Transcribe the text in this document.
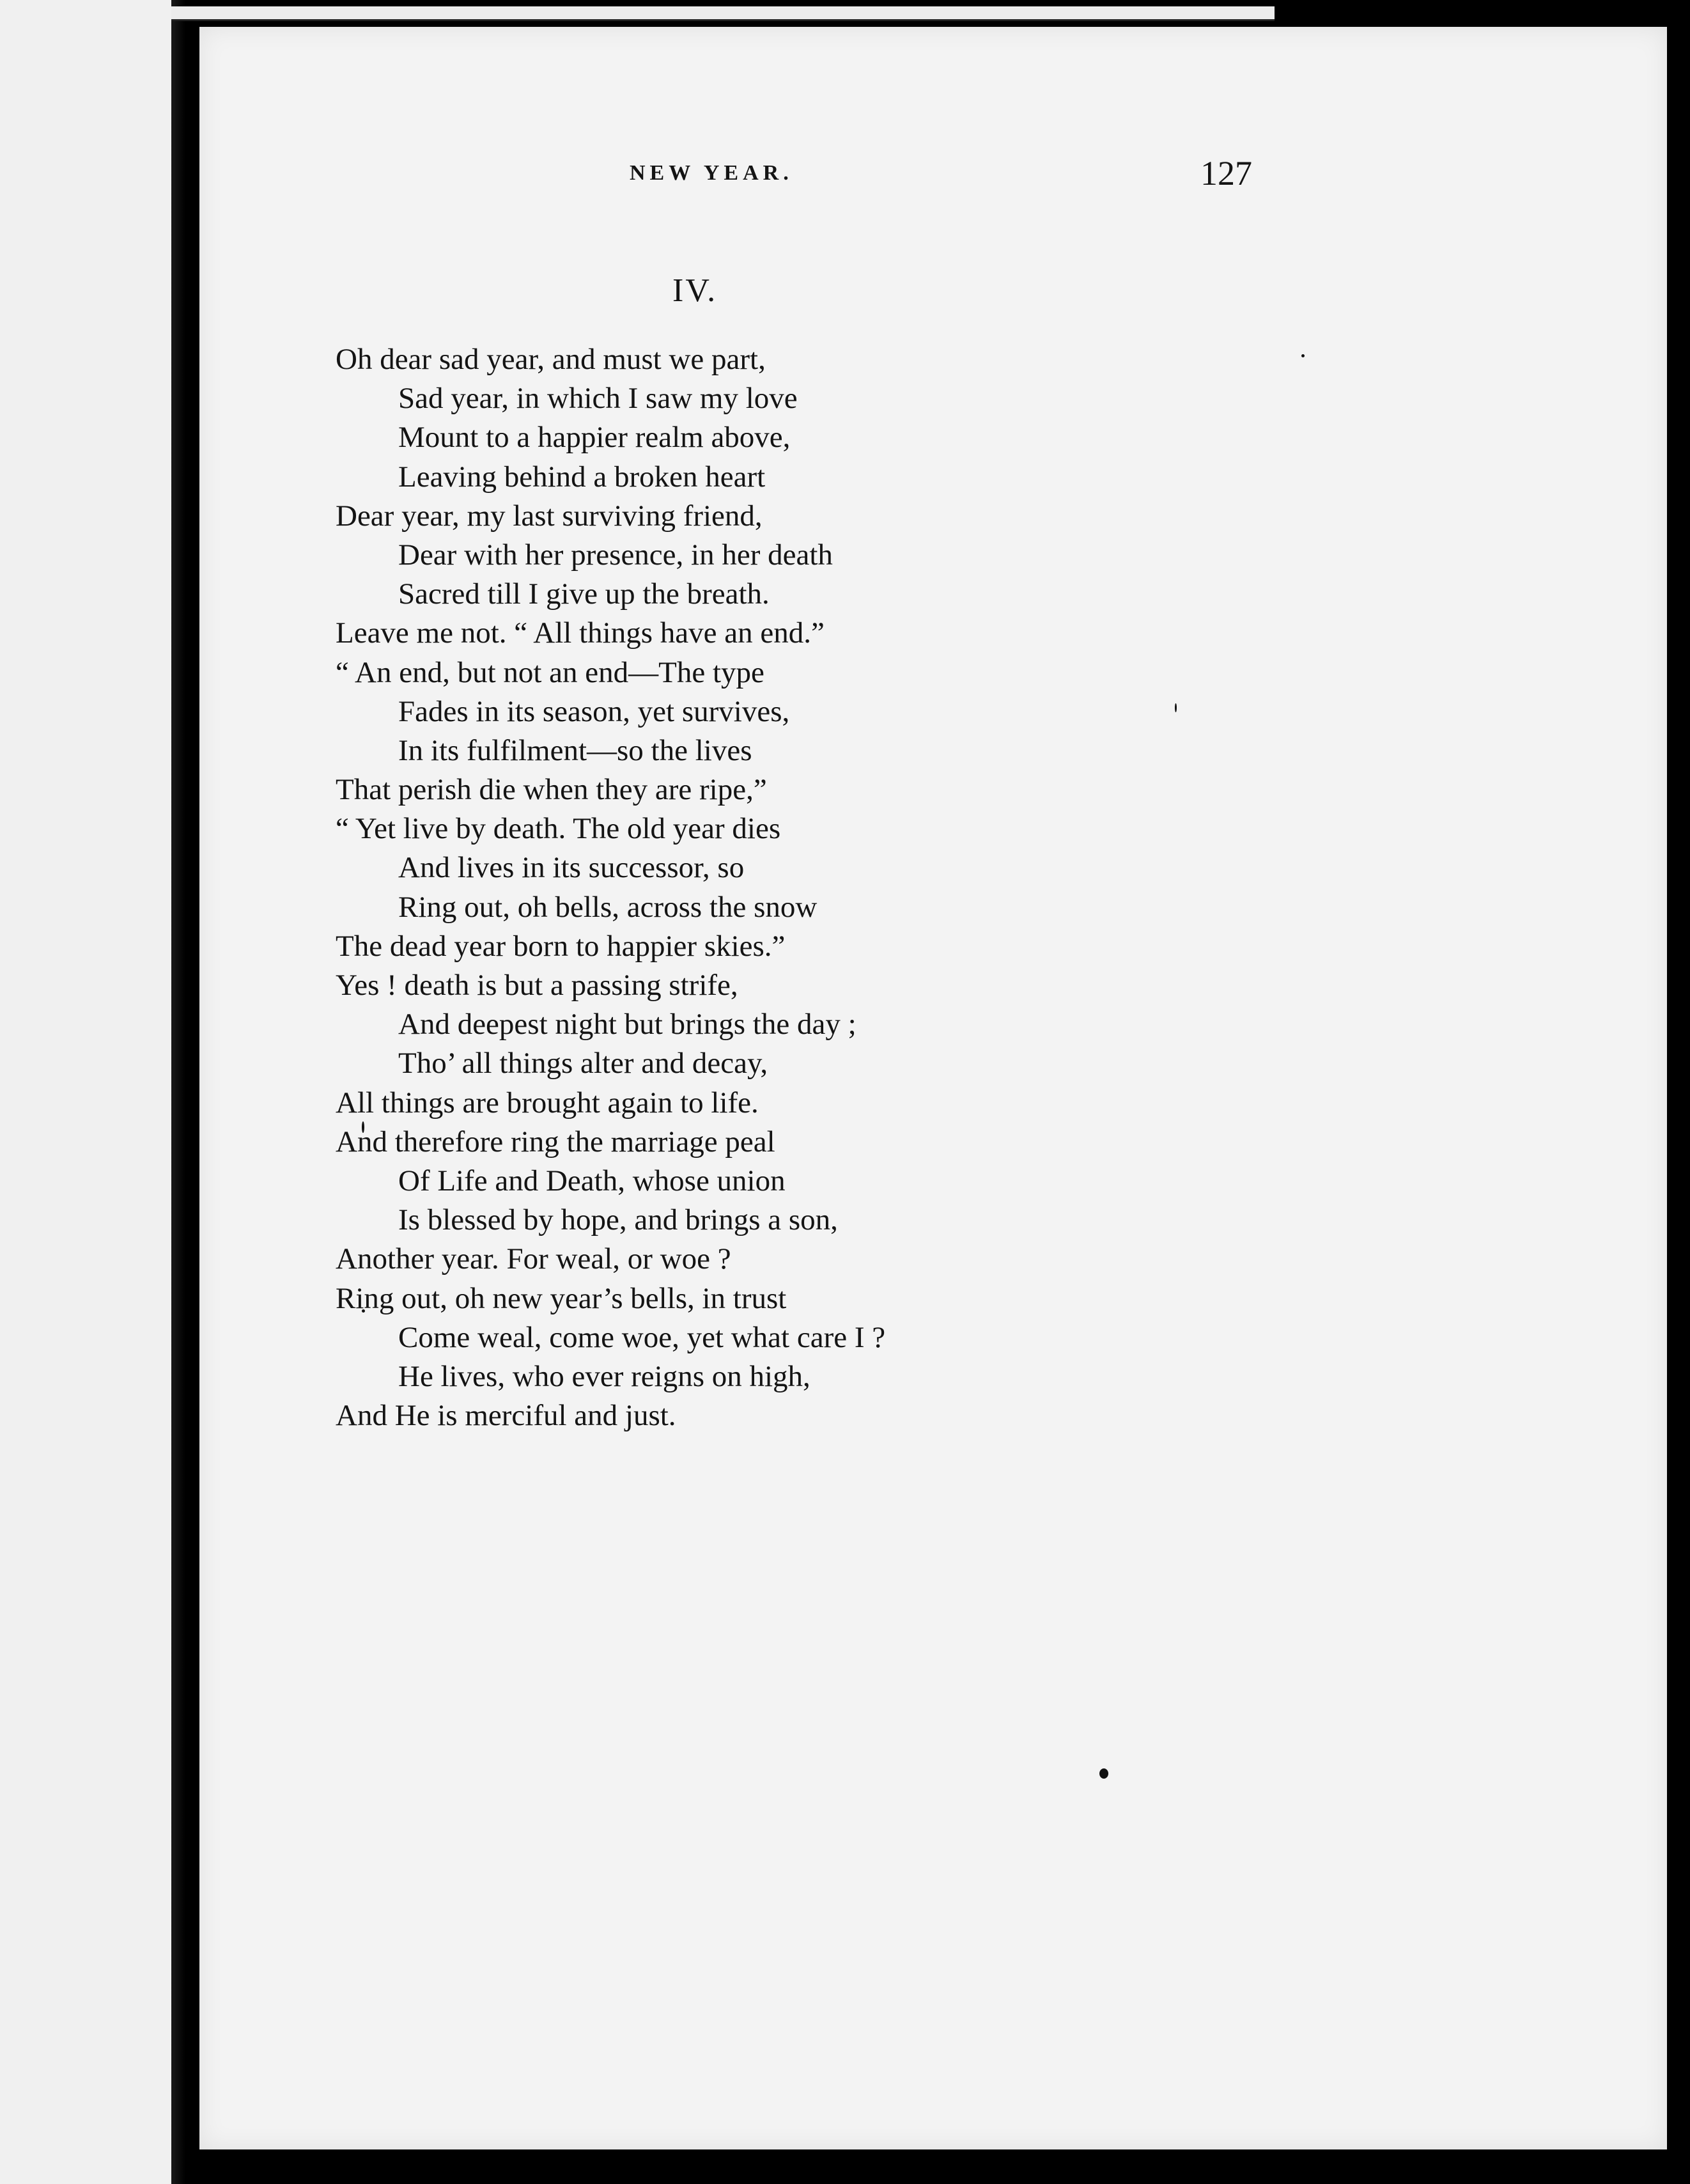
NEW YEAR.	127
IV.
Oh dear sad year, and must we part,
Sad year, in which I saw my love
Mount to a happier realm above,
Leaving behind a broken heart
Dear year, my last surviving friend,
Dear with her presence, in her death
Sacred till I give up the breath.
Leave me not. “ All things have an end.”
“ An end, but not an end—The type
Fades in its season, yet survives,
In its fulfilment—so the lives
That perish die when they are ripe,”
“ Yet live by death. The old year dies
And lives in its successor, so
Ring out, oh bells, across the snow
The dead year born to happier skies.”
Yes ! death is but a passing strife,
And deepest night but brings the day ;
Tho’ all things alter and decay,
All things are brought again to life.
And therefore ring the marriage peal
Of Life and Death, whose union
Is blessed by hope, and brings a son,
Another year. For weal, or woe ?
Ring out, oh new year’s bells, in trust
Come weal, come woe, yet what care I ?
He lives, who ever reigns on high,
And He is merciful and just.
